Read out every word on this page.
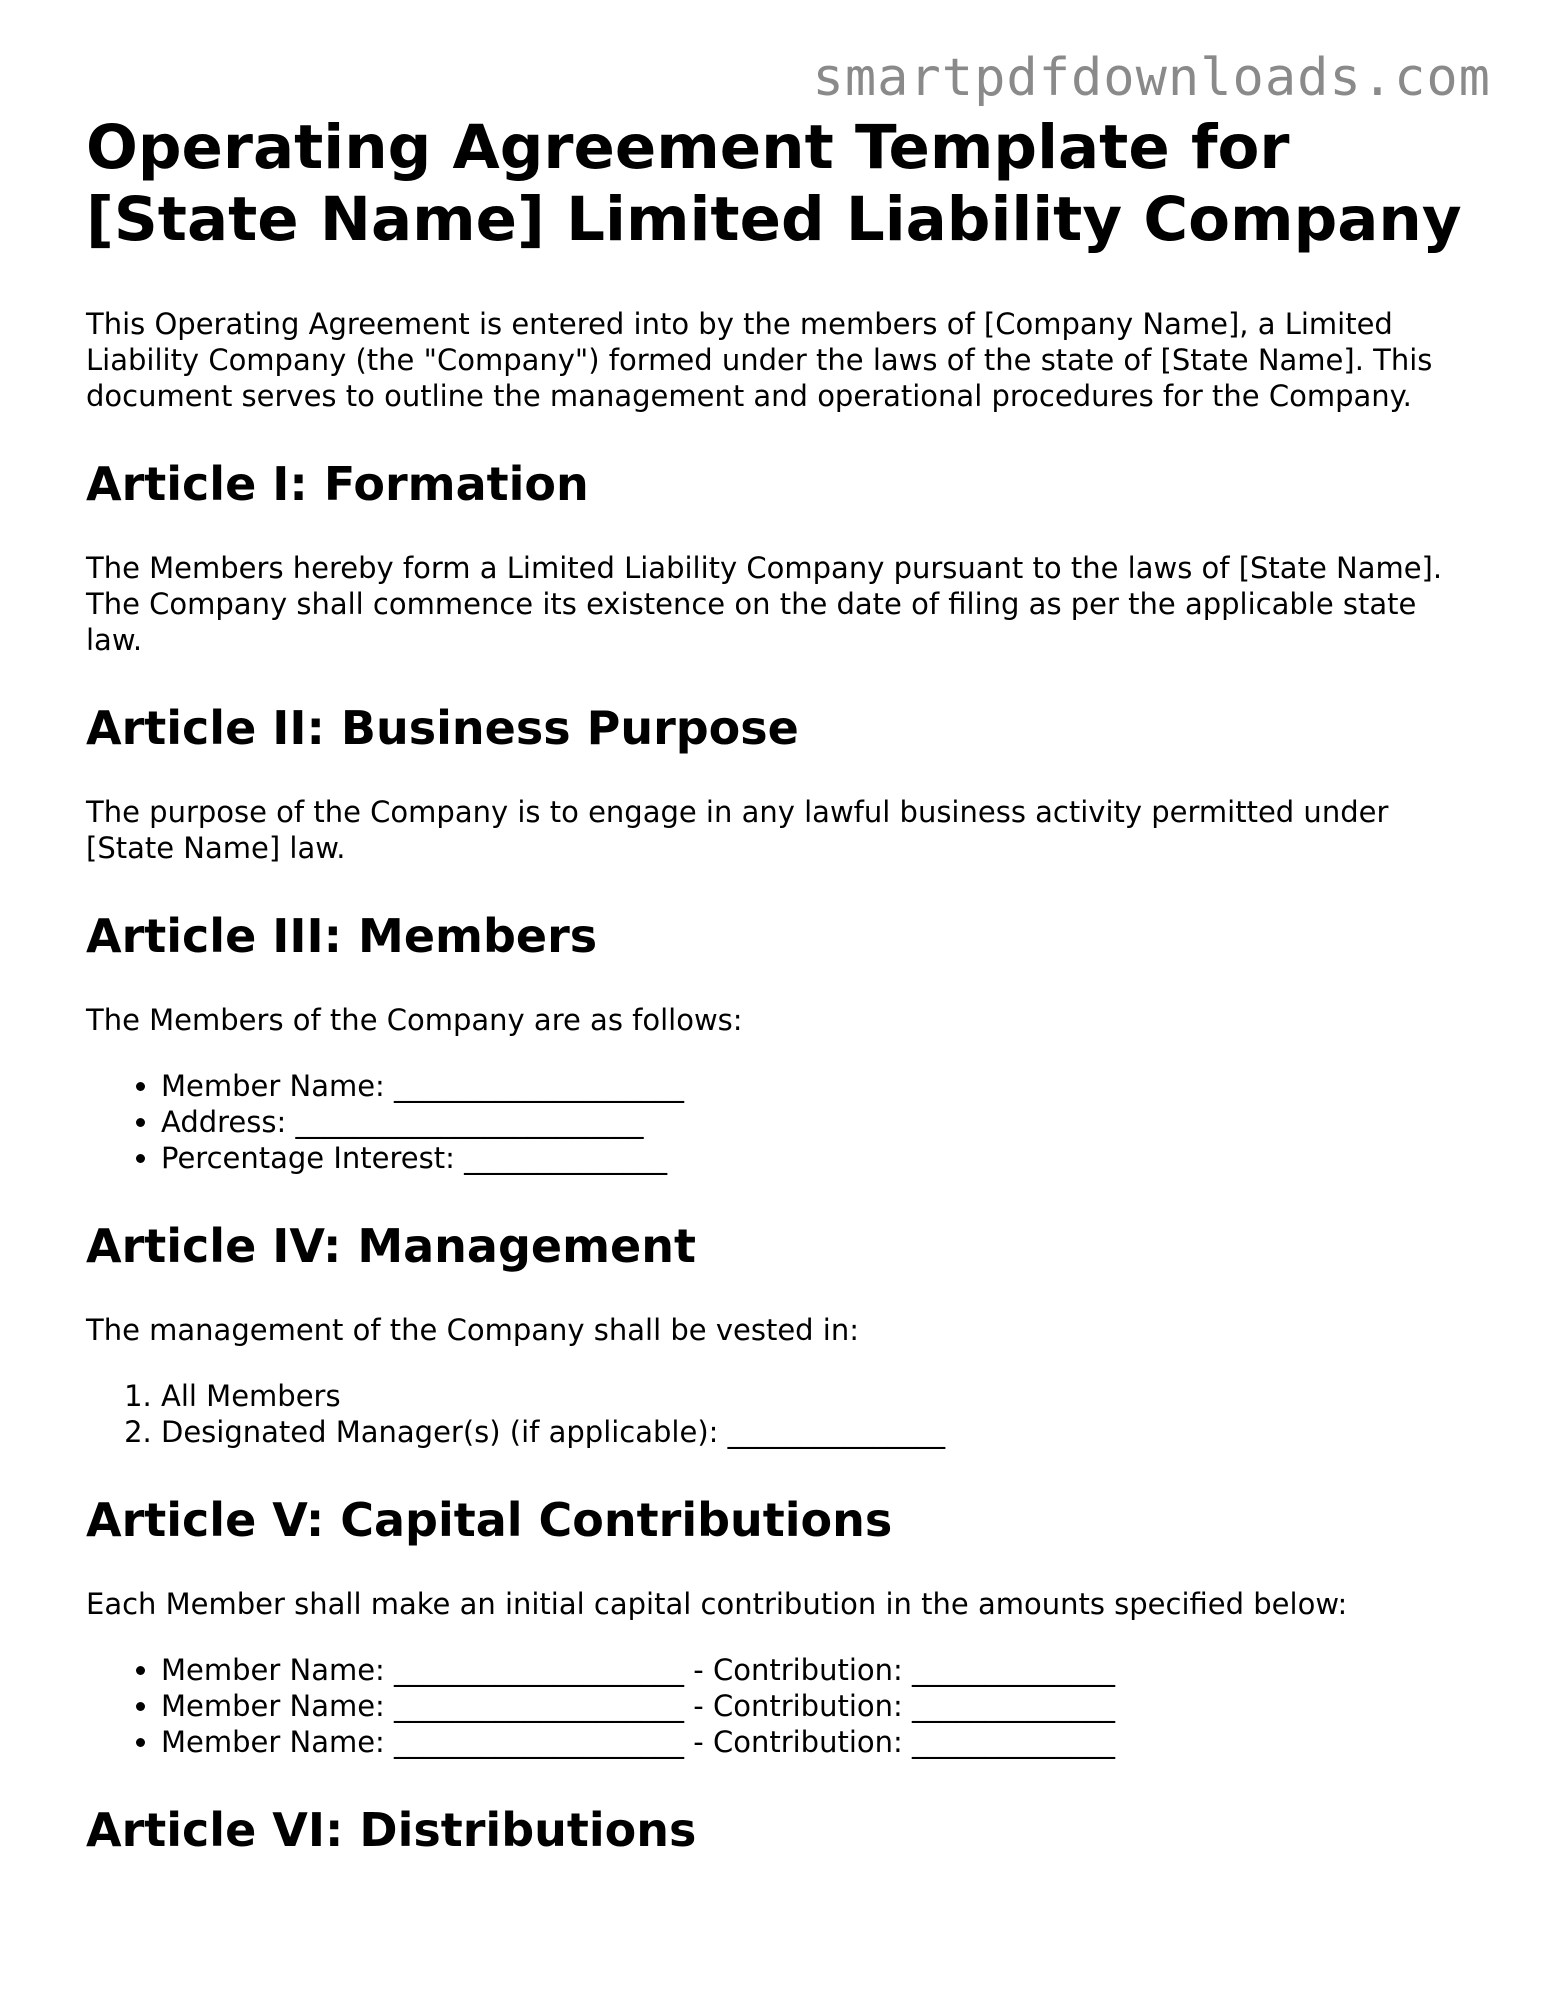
smartpdfdownloads.com
Operating Agreement Template for [State Name] Limited Liability Company

This Operating Agreement is entered into by the members of [Company Name], a Limited Liability Company (the "Company") formed under the laws of the state of [State Name]. This document serves to outline the management and operational procedures for the Company.

Article I: Formation

The Members hereby form a Limited Liability Company pursuant to the laws of [State Name]. The Company shall commence its existence on the date of filing as per the applicable state law.

Article II: Business Purpose

The purpose of the Company is to engage in any lawful business activity permitted under [State Name] law.

Article III: Members

The Members of the Company are as follows:

• Member Name: ____________________
• Address: ________________________
• Percentage Interest: ______________
Article IV: Management

The management of the Company shall be vested in:

1. All Members
2. Designated Manager(s) (if applicable): _______________
Article V: Capital Contributions

Each Member shall make an initial capital contribution in the amounts specified below:

• Member Name: ____________________ - Contribution: ______________
• Member Name: ____________________ - Contribution: ______________
• Member Name: ____________________ - Contribution: ______________
Article VI: Distributions
